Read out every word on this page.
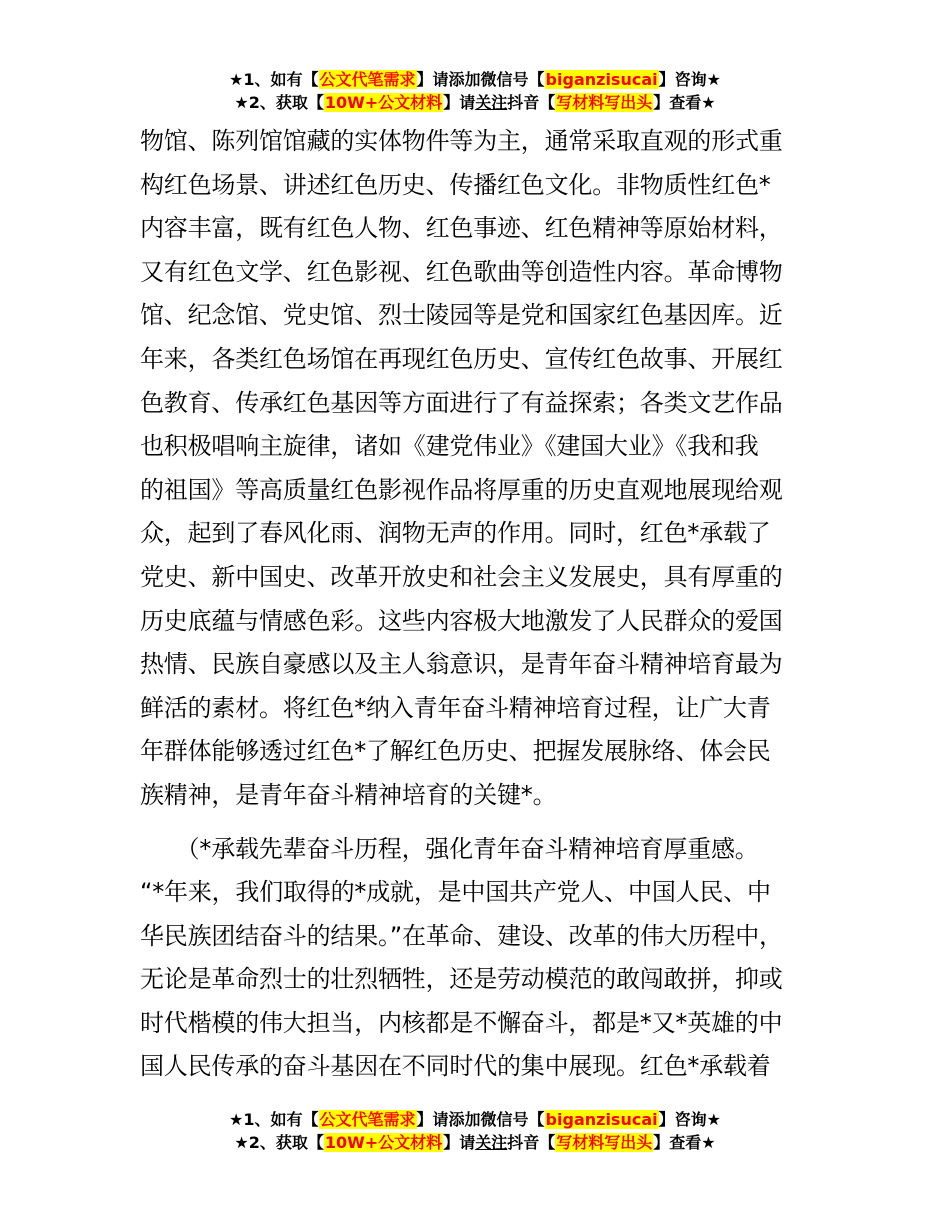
★1、如有【公文代笔需求】请添加微信号【biganzisucai】咨询★
★2、获取【10W+公文材料】请关注抖音【写材料写出头】查看★
物馆、陈列馆馆藏的实体物件等为主，通常采取直观的形式重
构红色场景、讲述红色历史、传播红色文化。非物质性红色*
内容丰富，既有红色人物、红色事迹、红色精神等原始材料，
又有红色文学、红色影视、红色歌曲等创造性内容。革命博物
馆、纪念馆、党史馆、烈士陵园等是党和国家红色基因库。近
年来，各类红色场馆在再现红色历史、宣传红色故事、开展红
色教育、传承红色基因等方面进行了有益探索；各类文艺作品
也积极唱响主旋律，诸如《建党伟业》《建国大业》《我和我
的祖国》等高质量红色影视作品将厚重的历史直观地展现给观
众，起到了春风化雨、润物无声的作用。同时，红色*承载了
党史、新中国史、改革开放史和社会主义发展史，具有厚重的
历史底蕴与情感色彩。这些内容极大地激发了人民群众的爱国
热情、民族自豪感以及主人翁意识，是青年奋斗精神培育最为
鲜活的素材。将红色*纳入青年奋斗精神培育过程，让广大青
年群体能够透过红色*了解红色历史、把握发展脉络、体会民
族精神，是青年奋斗精神培育的关键*。
　　（*承载先辈奋斗历程，强化青年奋斗精神培育厚重感。
“*年来，我们取得的*成就，是中国共产党人、中国人民、中
华民族团结奋斗的结果。”在革命、建设、改革的伟大历程中，
无论是革命烈士的壮烈牺牲，还是劳动模范的敢闯敢拼，抑或
时代楷模的伟大担当，内核都是不懈奋斗，都是*又*英雄的中
国人民传承的奋斗基因在不同时代的集中展现。红色*承载着
★1、如有【公文代笔需求】请添加微信号【biganzisucai】咨询★
★2、获取【10W+公文材料】请关注抖音【写材料写出头】查看★
